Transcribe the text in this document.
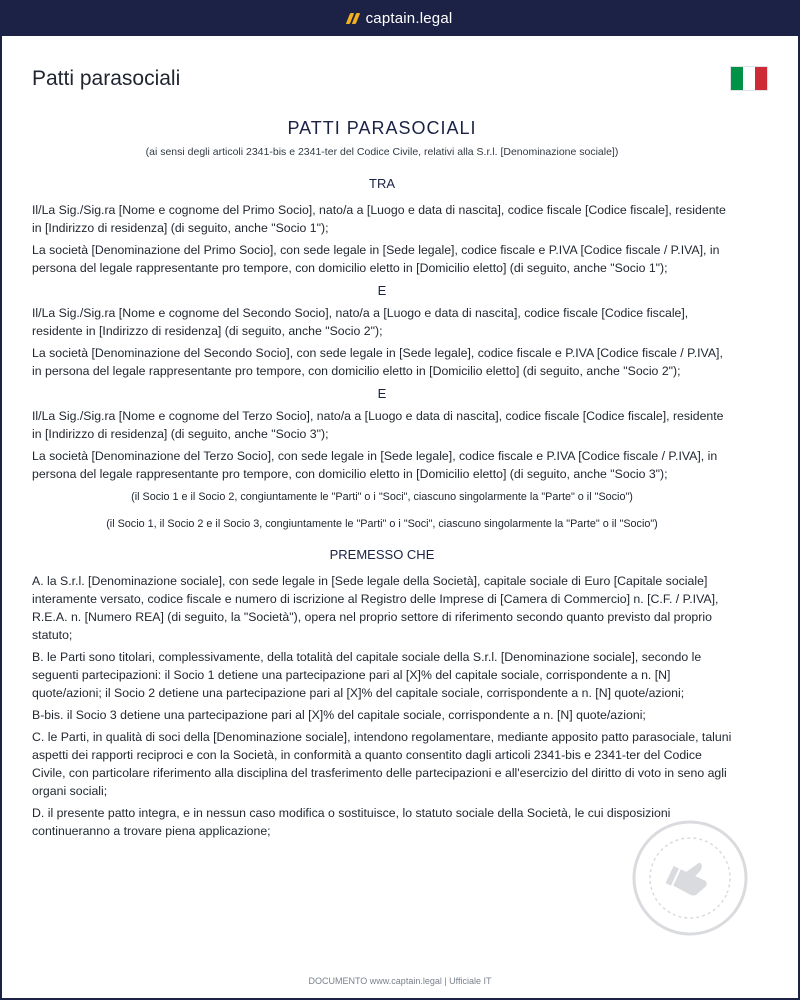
captain.legal
Patti parasociali
PATTI PARASOCIALI
(ai sensi degli articoli 2341-bis e 2341-ter del Codice Civile, relativi alla S.r.l. [Denominazione sociale])
TRA

Il/La Sig./Sig.ra [Nome e cognome del Primo Socio], nato/a a [Luogo e data di nascita], codice fiscale [Codice fiscale], residente in [Indirizzo di residenza] (di seguito, anche "Socio 1");

La società [Denominazione del Primo Socio], con sede legale in [Sede legale], codice fiscale e P.IVA [Codice fiscale / P.IVA], in persona del legale rappresentante pro tempore, con domicilio eletto in [Domicilio eletto] (di seguito, anche "Socio 1");

E

Il/La Sig./Sig.ra [Nome e cognome del Secondo Socio], nato/a a [Luogo e data di nascita], codice fiscale [Codice fiscale], residente in [Indirizzo di residenza] (di seguito, anche "Socio 2");

La società [Denominazione del Secondo Socio], con sede legale in [Sede legale], codice fiscale e P.IVA [Codice fiscale / P.IVA], in persona del legale rappresentante pro tempore, con domicilio eletto in [Domicilio eletto] (di seguito, anche "Socio 2");

E

Il/La Sig./Sig.ra [Nome e cognome del Terzo Socio], nato/a a [Luogo e data di nascita], codice fiscale [Codice fiscale], residente in [Indirizzo di residenza] (di seguito, anche "Socio 3");

La società [Denominazione del Terzo Socio], con sede legale in [Sede legale], codice fiscale e P.IVA [Codice fiscale / P.IVA], in persona del legale rappresentante pro tempore, con domicilio eletto in [Domicilio eletto] (di seguito, anche "Socio 3");

(il Socio 1 e il Socio 2, congiuntamente le "Parti" o i "Soci", ciascuno singolarmente la "Parte" o il "Socio")
(il Socio 1, il Socio 2 e il Socio 3, congiuntamente le "Parti" o i "Soci", ciascuno singolarmente la "Parte" o il "Socio")
PREMESSO CHE

A. la S.r.l. [Denominazione sociale], con sede legale in [Sede legale della Società], capitale sociale di Euro [Capitale sociale] interamente versato, codice fiscale e numero di iscrizione al Registro delle Imprese di [Camera di Commercio] n. [C.F. / P.IVA], R.E.A. n. [Numero REA] (di seguito, la "Società"), opera nel proprio settore di riferimento secondo quanto previsto dal proprio statuto;

B. le Parti sono titolari, complessivamente, della totalità del capitale sociale della S.r.l. [Denominazione sociale], secondo le seguenti partecipazioni: il Socio 1 detiene una partecipazione pari al [X]% del capitale sociale, corrispondente a n. [N] quote/azioni; il Socio 2 detiene una partecipazione pari al [X]% del capitale sociale, corrispondente a n. [N] quote/azioni;

B-bis. il Socio 3 detiene una partecipazione pari al [X]% del capitale sociale, corrispondente a n. [N] quote/azioni;

C. le Parti, in qualità di soci della [Denominazione sociale], intendono regolamentare, mediante apposito patto parasociale, taluni aspetti dei rapporti reciproci e con la Società, in conformità a quanto consentito dagli articoli 2341-bis e 2341-ter del Codice Civile, con particolare riferimento alla disciplina del trasferimento delle partecipazioni e all'esercizio del diritto di voto in seno agli organi sociali;

D. il presente patto integra, e in nessun caso modifica o sostituisce, lo statuto sociale della Società, le cui disposizioni continueranno a trovare piena applicazione;

DOCUMENTO www.captain.legal | Ufficiale IT
